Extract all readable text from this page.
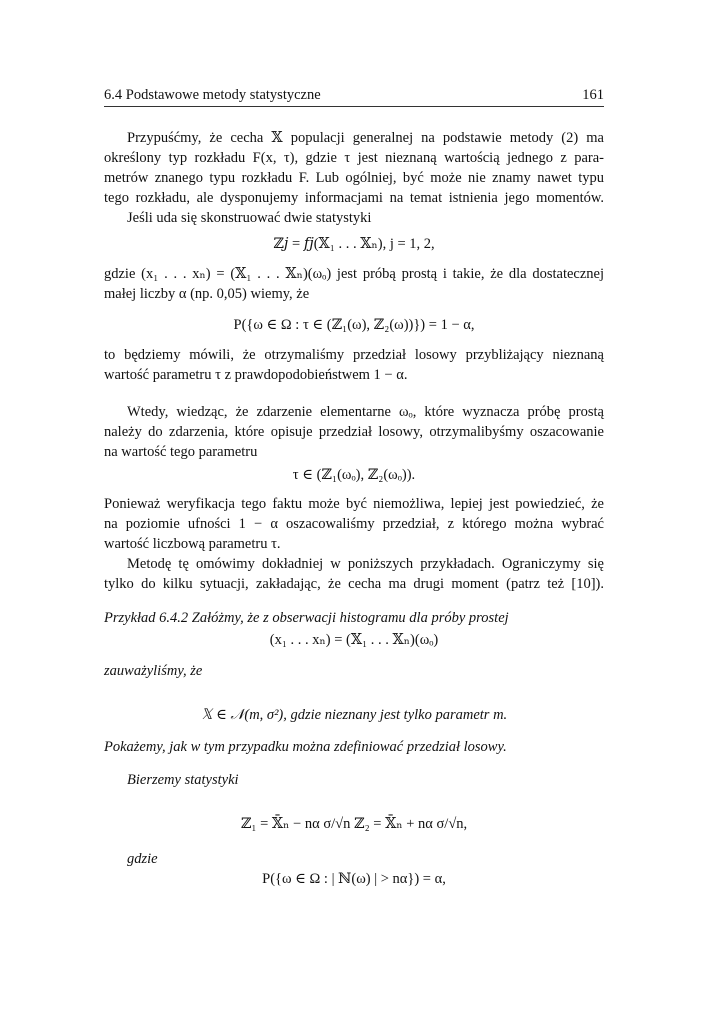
6.4 Podstawowe metody statystyczne	161
Przypuśćmy, że cecha 𝕏 populacji generalnej na podstawie metody (2) ma
określony typ rozkładu F(x, τ), gdzie τ jest nieznaną wartością jednego z para-
metrów znanego typu rozkładu F. Lub ogólniej, być może nie znamy nawet typu
tego rozkładu, ale dysponujemy informacjami na temat istnienia jego momentów.
Jeśli uda się skonstruować dwie statystyki
ℤ𝑗 = 𝑓𝑗(𝕏₁ . . . 𝕏ₙ), j = 1, 2,
gdzie (x₁ . . . xₙ) = (𝕏₁ . . . 𝕏ₙ)(ωₒ) jest próbą prostą i takie, że dla dostatecznej
małej liczby α (np. 0,05) wiemy, że
P({ω ∈ Ω : τ ∈ (ℤ₁(ω), ℤ₂(ω))}) = 1 − α,
to będziemy mówili, że otrzymaliśmy przedział losowy przybliżający nieznaną
wartość parametru τ z prawdopodobieństwem 1 − α.
Wtedy, wiedząc, że zdarzenie elementarne ωₒ, które wyznacza próbę prostą
należy do zdarzenia, które opisuje przedział losowy, otrzymalibyśmy oszacowanie
na wartość tego parametru
τ ∈ (ℤ₁(ωₒ), ℤ₂(ωₒ)).
Ponieważ weryfikacja tego faktu może być niemożliwa, lepiej jest powiedzieć, że
na poziomie ufności 1 − α oszacowaliśmy przedział, z którego można wybrać
wartość liczbową parametru τ.
Metodę tę omówimy dokładniej w poniższych przykładach. Ograniczymy się
tylko do kilku sytuacji, zakładając, że cecha ma drugi moment (patrz też [10]).
Przykład 6.4.2 Załóżmy, że z obserwacji histogramu dla próby prostej
(x₁ . . . xₙ) = (𝕏₁ . . . 𝕏ₙ)(ωₒ)
zauważyliśmy, że
𝕏 ∈ 𝒩(m, σ²), gdzie nieznany jest tylko parametr m.
Pokażemy, jak w tym przypadku można zdefiniować przedział losowy.
Bierzemy statystyki
ℤ₁ = 𝕏̄ₙ − nα σ/√n ℤ₂ = 𝕏̄ₙ + nα σ/√n,
gdzie
P({ω ∈ Ω : | ℕ(ω) | > nα}) = α,
